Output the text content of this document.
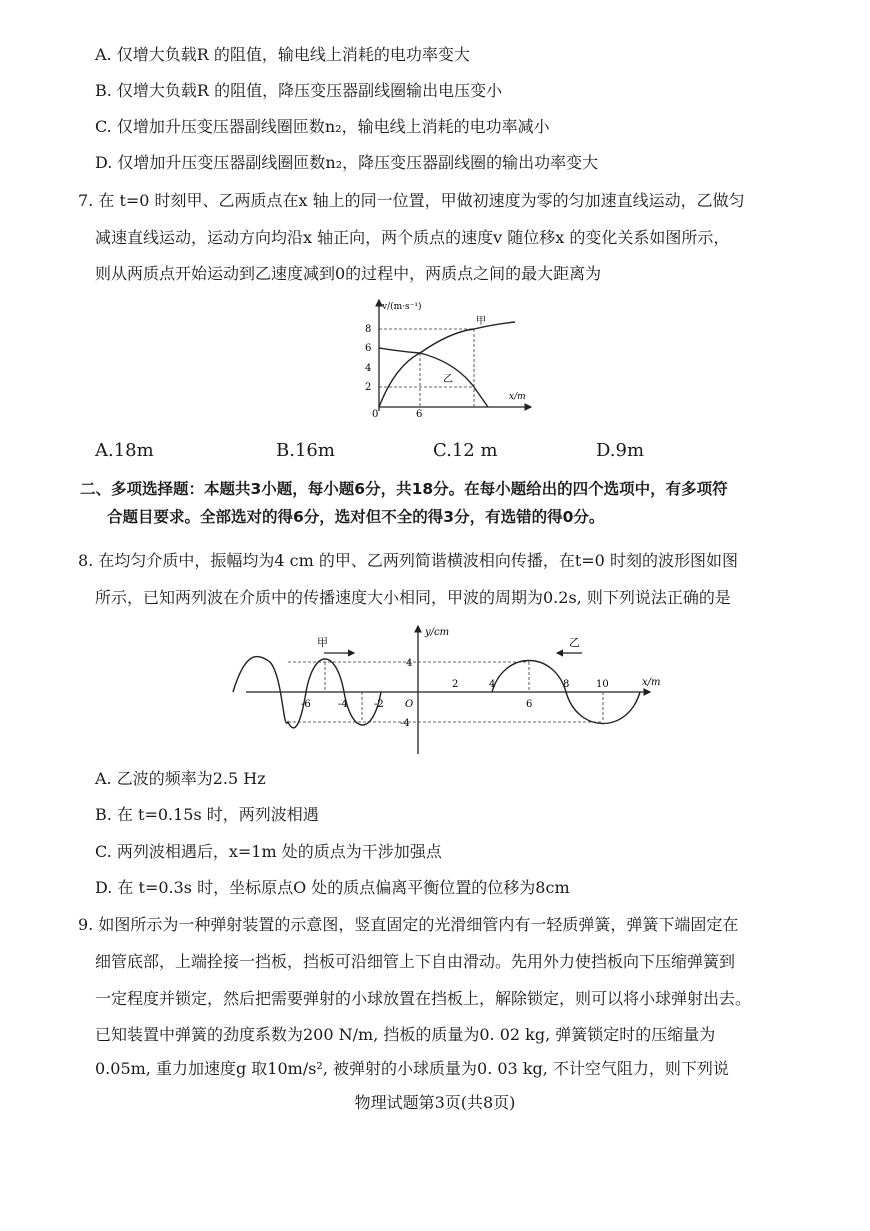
A. 仅增大负载R 的阻值，输电线上消耗的电功率变大
B. 仅增大负载R 的阻值，降压变压器副线圈输出电压变小
C. 仅增加升压变压器副线圈匝数n₂，输电线上消耗的电功率减小
D. 仅增加升压变压器副线圈匝数n₂，降压变压器副线圈的输出功率变大
7. 在 t=0 时刻甲、乙两质点在x 轴上的同一位置，甲做初速度为零的匀加速直线运动，乙做匀
减速直线运动，运动方向均沿x 轴正向，两个质点的速度v 随位移x 的变化关系如图所示，
则从两质点开始运动到乙速度减到0的过程中，两质点之间的最大距离为
v/(m·s⁻¹)
x/m
8
6
4
2
0	6
甲
乙
A.18m	B.16m	C.12 m	D.9m
二、多项选择题：本题共3小题，每小题6分，共18分。在每小题给出的四个选项中，有多项符
合题目要求。全部选对的得6分，选对但不全的得3分，有选错的得0分。
8. 在均匀介质中，振幅均为4 cm 的甲、乙两列简谐横波相向传播，在t=0 时刻的波形图如图
所示，已知两列波在介质中的传播速度大小相同，甲波的周期为0.2s, 则下列说法正确的是
y/cm
x/m
-6	-4	-2 O
2	4
6
8	10
4
-4
甲	乙
A. 乙波的频率为2.5 Hz
B. 在 t=0.15s 时，两列波相遇
C. 两列波相遇后，x=1m 处的质点为干涉加强点
D. 在 t=0.3s 时，坐标原点O 处的质点偏离平衡位置的位移为8cm
9. 如图所示为一种弹射装置的示意图，竖直固定的光滑细管内有一轻质弹簧，弹簧下端固定在
细管底部，上端拴接一挡板，挡板可沿细管上下自由滑动。先用外力使挡板向下压缩弹簧到
一定程度并锁定，然后把需要弹射的小球放置在挡板上，解除锁定，则可以将小球弹射出去。
已知装置中弹簧的劲度系数为200 N/m, 挡板的质量为0. 02 kg, 弹簧锁定时的压缩量为
0.05m, 重力加速度g 取10m/s², 被弹射的小球质量为0. 03 kg, 不计空气阻力，则下列说
物理试题第3页(共8页)
